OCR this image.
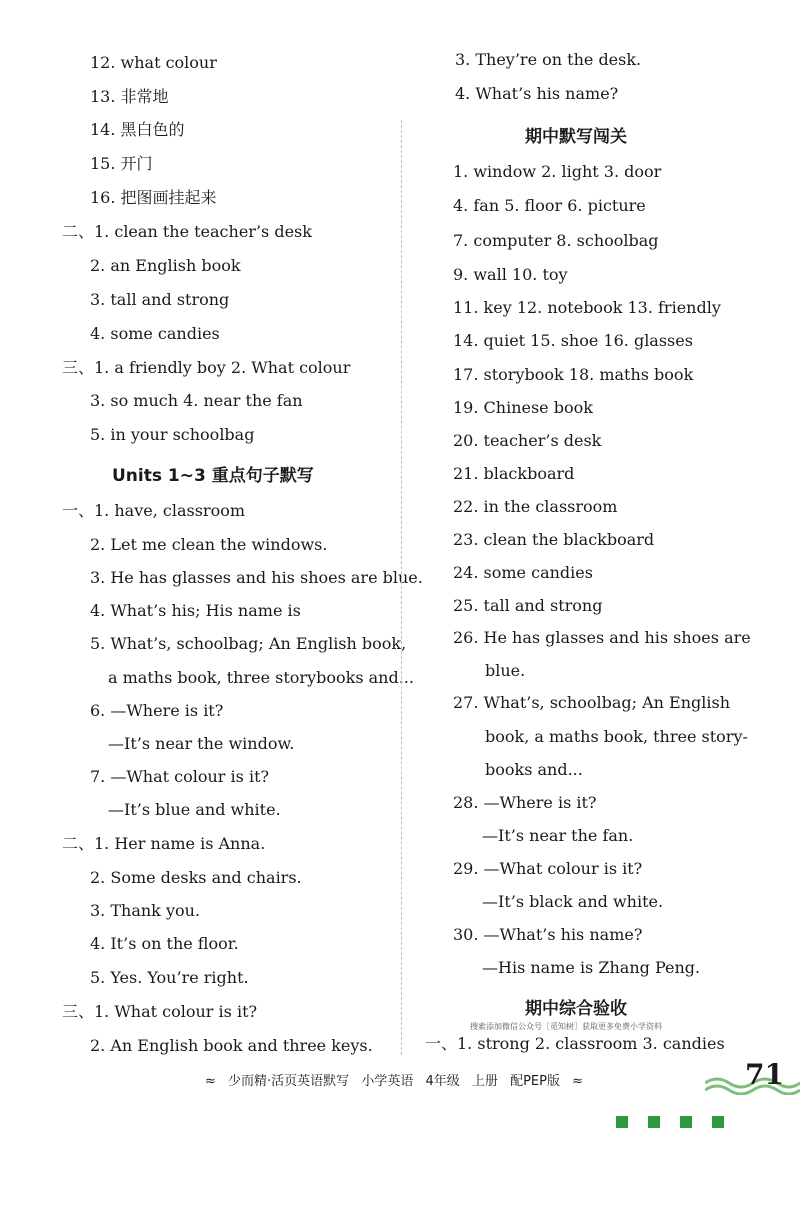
12. what colour
13. 非常地
14. 黑白色的
15. 开门
16. 把图画挂起来
二、1. clean the teacher’s desk
2. an English book
3. tall and strong
4. some candies
三、1. a friendly boy 2. What colour
3. so much 4. near the fan
5. in your schoolbag
一、1. have, classroom
2. Let me clean the windows.
3. He has glasses and his shoes are blue.
4. What’s his; His name is
5. What’s, schoolbag; An English book,
a maths book, three storybooks and...
6. —Where is it?
—It’s near the window.
7. —What colour is it?
—It’s blue and white.
二、1. Her name is Anna.
2. Some desks and chairs.
3. Thank you.
4. It’s on the floor.
5. Yes. You’re right.
三、1. What colour is it?
2. An English book and three keys.
Units 1~3 重点句子默写
3. They’re on the desk.
4. What’s his name?
1. window 2. light 3. door
4. fan 5. floor 6. picture
7. computer 8. schoolbag
9. wall 10. toy
11. key 12. notebook 13. friendly
14. quiet 15. shoe 16. glasses
17. storybook 18. maths book
19. Chinese book
20. teacher’s desk
21. blackboard
22. in the classroom
23. clean the blackboard
24. some candies
25. tall and strong
26. He has glasses and his shoes are
blue.
27. What’s, schoolbag; An English
book, a maths book, three story-
books and...
28. —Where is it?
—It’s near the fan.
29. —What colour is it?
—It’s black and white.
30. —What’s his name?
—His name is Zhang Peng.
一、1. strong 2. classroom 3. candies
期中默写闯关
期中综合验收
搜索添加微信公众号［觅知树］获取更多免费小学资料
≈ 少而精·活页英语默写 小学英语 4年级 上册 配PEP版 ≈	71
